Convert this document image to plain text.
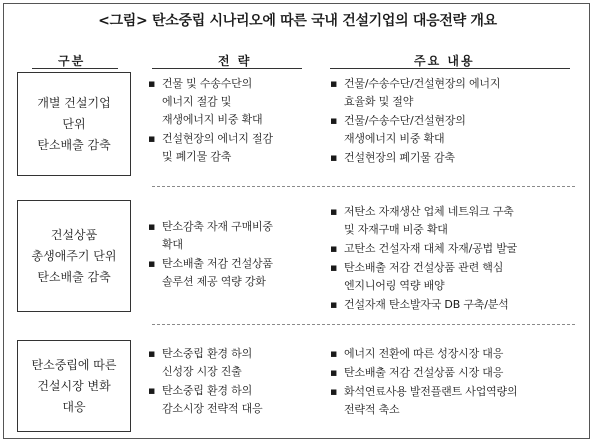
<그림> 탄소중립 시나리오에 따른 국내 건설기업의 대응전략 개요
구분	전 략	주요 내용
개별 건설기업
단위
탄소배출 감축
▪ 건물 및 수송수단의
에너지 절감 및
재생에너지 비중 확대
▪ 건설현장의 에너지 절감
및 폐기물 감축
▪ 건물/수송수단/건설현장의 에너지
효율화 및 절약
▪ 건물/수송수단/건설현장의
재생에너지 비중 확대
▪ 건설현장의 폐기물 감축
건설상품
총생애주기 단위
탄소배출 감축
▪ 탄소감축 자재 구매비중
확대
▪ 탄소배출 저감 건설상품
솔루션 제공 역량 강화
▪ 저탄소 자재생산 업체 네트워크 구축
및 자재구매 비중 확대
▪ 고탄소 건설자재 대체 자재/공법 발굴
▪ 탄소배출 저감 건설상품 관련 핵심
엔지니어링 역량 배양
▪ 건설자재 탄소발자국 DB 구축/분석
탄소중립에 따른
건설시장 변화
대응
▪ 탄소중립 환경 하의
신성장 시장 진출
▪ 탄소중립 환경 하의
감소시장 전략적 대응
▪ 에너지 전환에 따른 성장시장 대응
▪ 탄소배출 저감 건설상품 시장 대응
▪ 화석연료사용 발전플랜트 사업역량의
전략적 축소
